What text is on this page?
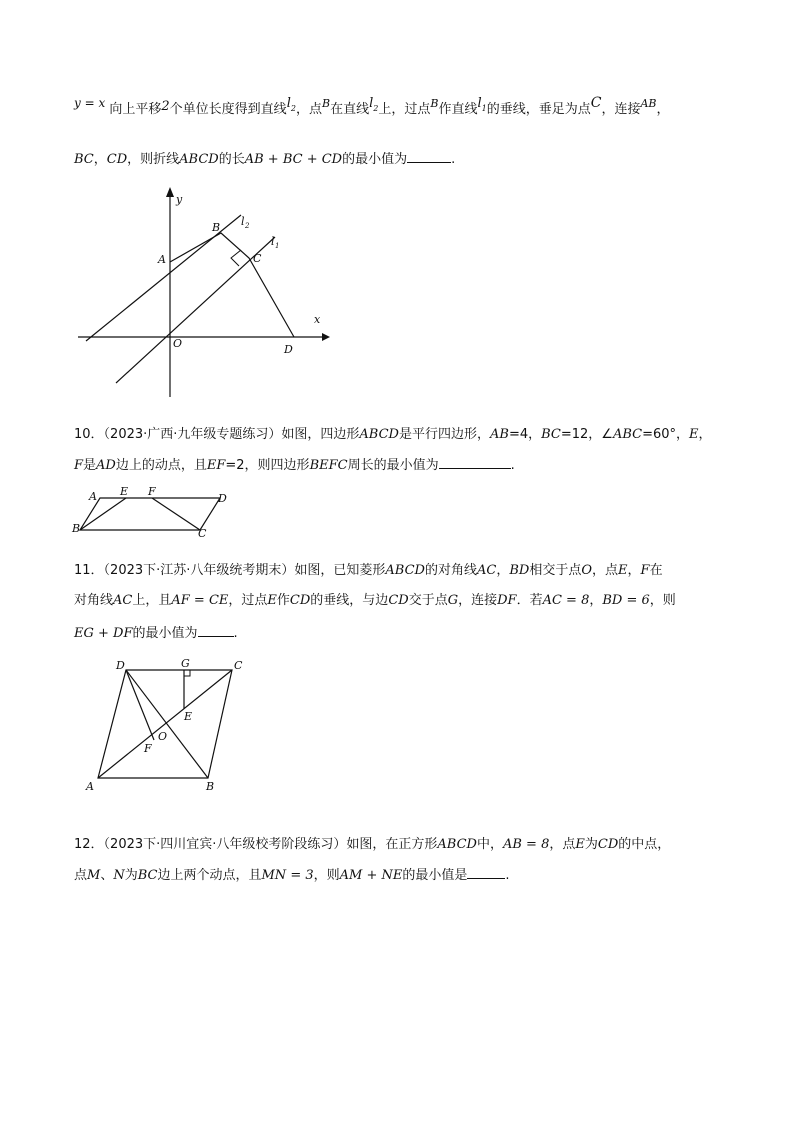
y = x 向上平移2个单位长度得到直线$l_2$，点$^B$在直线$l_2$上，过点$^B$作直线$l_1$的垂线，垂足为点C，连接$^{AB}$，
BC，CD，则折线ABCD的长AB + BC + CD的最小值为	.
y
x
l 2
l 1
A
B
C
D
O
10．（2023·广西·九年级专题练习）如图，四边形ABCD是平行四边形，AB=4，BC=12，∠ABC=60°，E，
F是AD边上的动点，且EF=2，则四边形BEFC周长的最小值为	.
A E F
D
B	C
11．（2023下·江苏·八年级统考期末）如图，已知菱形ABCD的对角线AC，BD相交于点O，点E，F在
对角线AC上，且AF = CE，过点E作CD的垂线，与边CD交于点G，连接DF．若AC = 8，BD = 6，则
EG + DF的最小值为	.
D	G	C
E
O
F
A	B
12．（2023下·四川宜宾·八年级校考阶段练习）如图，在正方形ABCD中，AB = 8，点E为CD的中点，
点M、N为BC边上两个动点，且MN = 3，则AM + NE的最小值是	.
